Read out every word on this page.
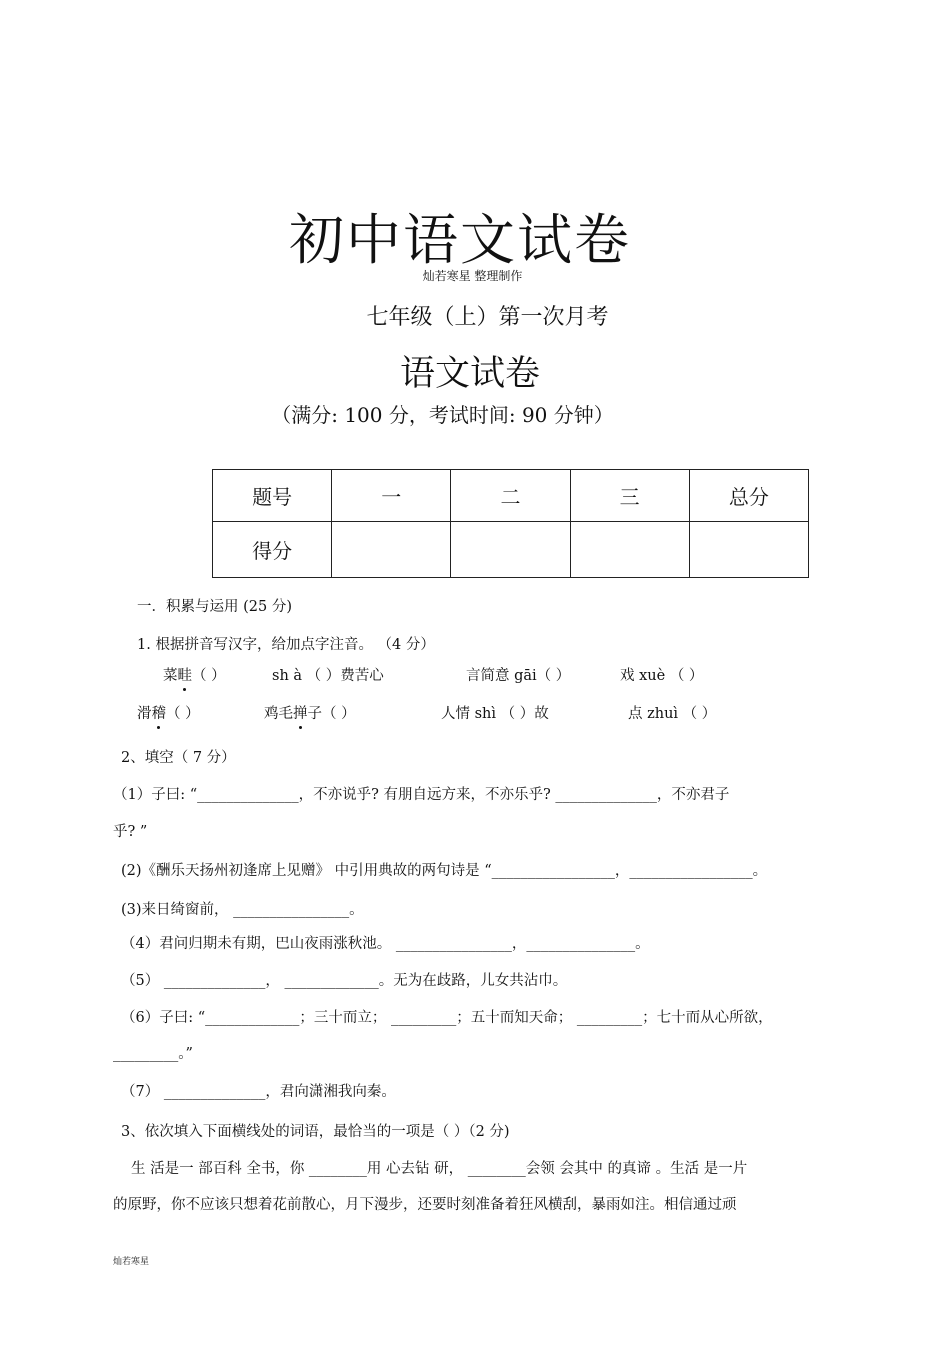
初中语文试卷
灿若寒星 整理制作
七年级（上）第一次月考
语文试卷
（满分: 100 分，考试时间: 90 分钟）
题号	一	二	三	总分
得分				
一．积累与运用 (25 分)
1. 根据拼音写汉字，给加点字注音。 （4 分）
菜畦（ ）	sh à （ ）费苦心	言简意 gāi（ ）	戏 xuè （ ）
滑稽（ ）	鸡毛掸子（ ）	人情 shì （ ）故	点 zhuì （ ）
2、填空（ 7 分）
（1）子曰: “______________，不亦说乎? 有朋自远方来，不亦乐乎? ______________，不亦君子
乎? ”
(2)《酬乐天扬州初逢席上见赠》 中引用典故的两句诗是 “_________________，_________________。
(3)来日绮窗前， ________________。
（4）君问归期未有期，巴山夜雨涨秋池。 ________________，_______________。
（5） ______________， _____________。无为在歧路，儿女共沾巾。
（6）子曰: “_____________；三十而立； _________；五十而知天命； _________；七十而从心所欲，
_________。”
（7） ______________，君向潇湘我向秦。
3、依次填入下面横线处的词语，最恰当的一项是（ ）（2 分)
生 活是一 部百科 全书，你 ________用 心去钻 研， ________会领 会其中 的真谛 。生活 是一片
的原野，你不应该只想着花前散心，月下漫步，还要时刻准备着狂风横刮，暴雨如注。相信通过顽
灿若寒星
